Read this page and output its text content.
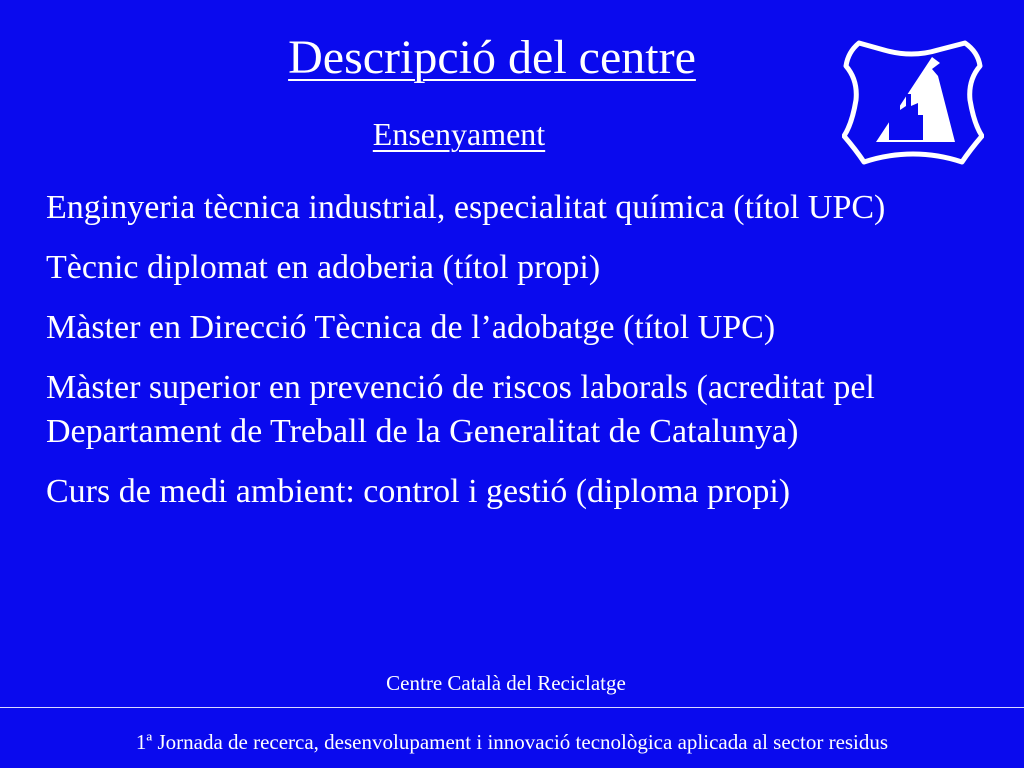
Descripció del centre
Ensenyament
Enginyeria tècnica industrial, especialitat química (títol UPC)
Tècnic diplomat en adoberia (títol propi)
Màster en Direcció Tècnica de l’adobatge (títol UPC)
Màster superior en prevenció de riscos laborals (acreditat pel Departament de Treball de la Generalitat de Catalunya)
Curs de medi ambient: control i gestió (diploma propi)
Centre Català del Reciclatge
1ª Jornada de recerca, desenvolupament i innovació tecnològica aplicada al sector residus
